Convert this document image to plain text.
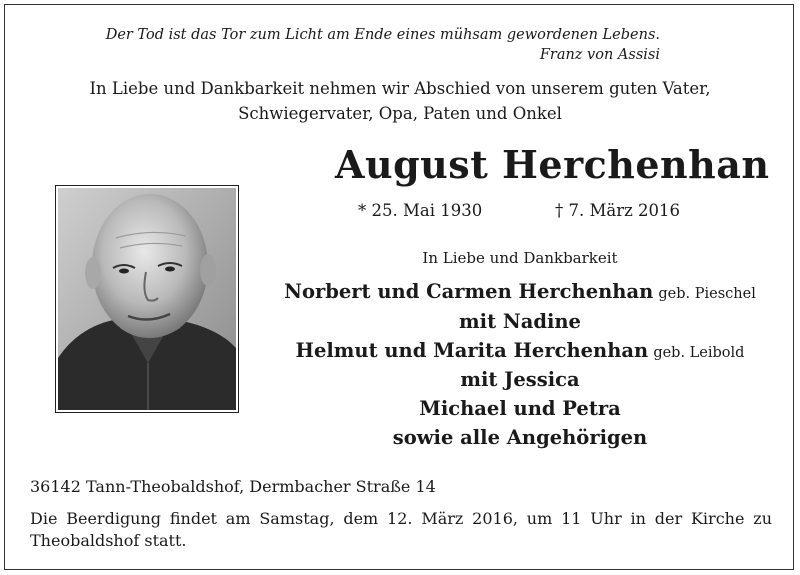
Der Tod ist das Tor zum Licht am Ende eines mühsam gewordenen Lebens.
Franz von Assisi
In Liebe und Dankbarkeit nehmen wir Abschied von unserem guten Vater,
Schwiegervater, Opa, Paten und Onkel
August Herchenhan
* 25. Mai 1930	† 7. März 2016
In Liebe und Dankbarkeit
Norbert und Carmen Herchenhan geb. Pieschel
mit Nadine
Helmut und Marita Herchenhan geb. Leibold
mit Jessica
Michael und Petra
sowie alle Angehörigen
36142 Tann-Theobaldshof, Dermbacher Straße 14
Die Beerdigung findet am Samstag, dem 12. März 2016, um 11 Uhr in der Kirche zu Theobaldshof statt.
